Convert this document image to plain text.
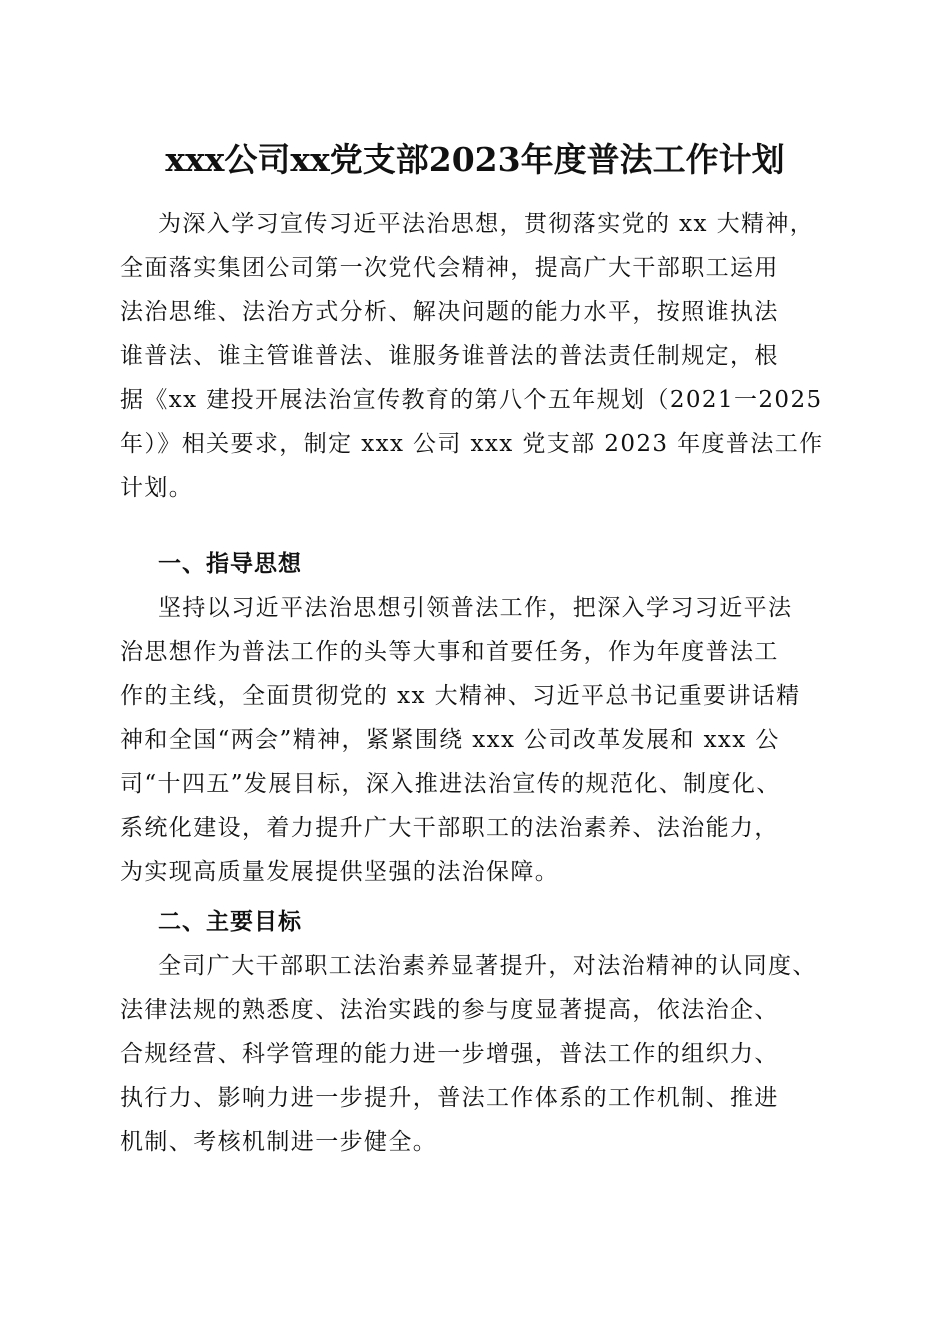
xxx公司xx党支部2023年度普法工作计划
为深入学习宣传习近平法治思想，贯彻落实党的 xx 大精神，
全面落实集团公司第一次党代会精神，提高广大干部职工运用
法治思维、法治方式分析、解决问题的能力水平，按照谁执法
谁普法、谁主管谁普法、谁服务谁普法的普法责任制规定，根
据《xx 建投开展法治宣传教育的第八个五年规划（2021一2025
年）》相关要求，制定 xxx 公司 xxx 党支部 2023 年度普法工作
计划。
一、指导思想
坚持以习近平法治思想引领普法工作，把深入学习习近平法
治思想作为普法工作的头等大事和首要任务，作为年度普法工
作的主线，全面贯彻党的 xx 大精神、习近平总书记重要讲话精
神和全国“两会”精神，紧紧围绕 xxx 公司改革发展和 xxx 公
司“十四五”发展目标，深入推进法治宣传的规范化、制度化、
系统化建设，着力提升广大干部职工的法治素养、法治能力，
为实现高质量发展提供坚强的法治保障。
二、主要目标
全司广大干部职工法治素养显著提升，对法治精神的认同度、
法律法规的熟悉度、法治实践的参与度显著提高，依法治企、
合规经营、科学管理的能力进一步增强，普法工作的组织力、
执行力、影响力进一步提升，普法工作体系的工作机制、推进
机制、考核机制进一步健全。
